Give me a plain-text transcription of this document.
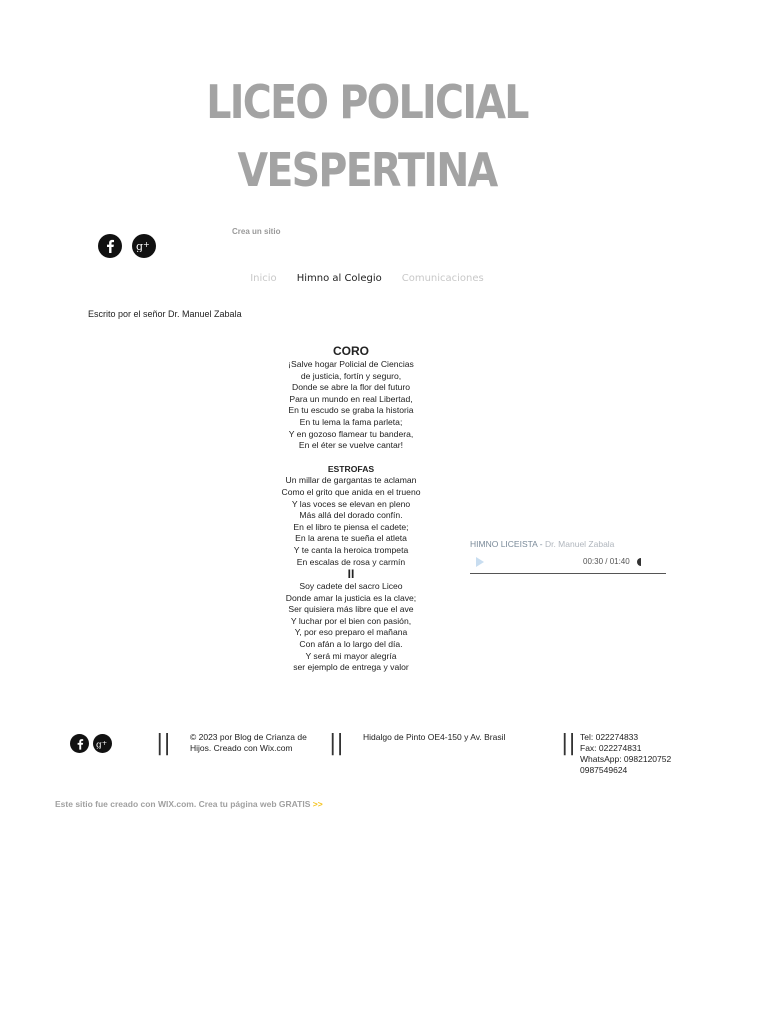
LICEO POLICIAL
VESPERTINA
g +
Crea un sitio
Inicio Himno al Colegio Comunicaciones
Escrito por el señor Dr. Manuel Zabala
CORO
¡Salve hogar Policial de Ciencias
de justicia, fortín y seguro,
Donde se abre la flor del futuro
Para un mundo en real Libertad,
En tu escudo se graba la historia
En tu lema la fama parleta;
Y en gozoso flamear tu bandera,
En el éter se vuelve cantar!
ESTROFAS
Un millar de gargantas te aclaman
Como el grito que anida en el trueno
Y las voces se elevan en pleno
Más allá del dorado confín.
En el libro te piensa el cadete;
En la arena te sueña el atleta
Y te canta la heroica trompeta
En escalas de rosa y carmín
II
Soy cadete del sacro Liceo
Donde amar la justicia es la clave;
Ser quisiera más libre que el ave
Y luchar por el bien con pasión,
Y, por eso preparo el mañana
Con afán a lo largo del día.
Y será mi mayor alegría
ser ejemplo de entrega y valor
HIMNO LICEISTA - Dr. Manuel Zabala
00:30 / 01:40
g + || © 2023 por Blog de Crianza de
Hijos. Creado con Wix.com	|| Hidalgo de Pinto OE4-150 y Av. Brasil	|| Tel: 022274833
Fax: 022274831
WhatsApp: 0982120752
0987549624
Este sitio fue creado con WIX.com. Crea tu página web GRATIS >>
